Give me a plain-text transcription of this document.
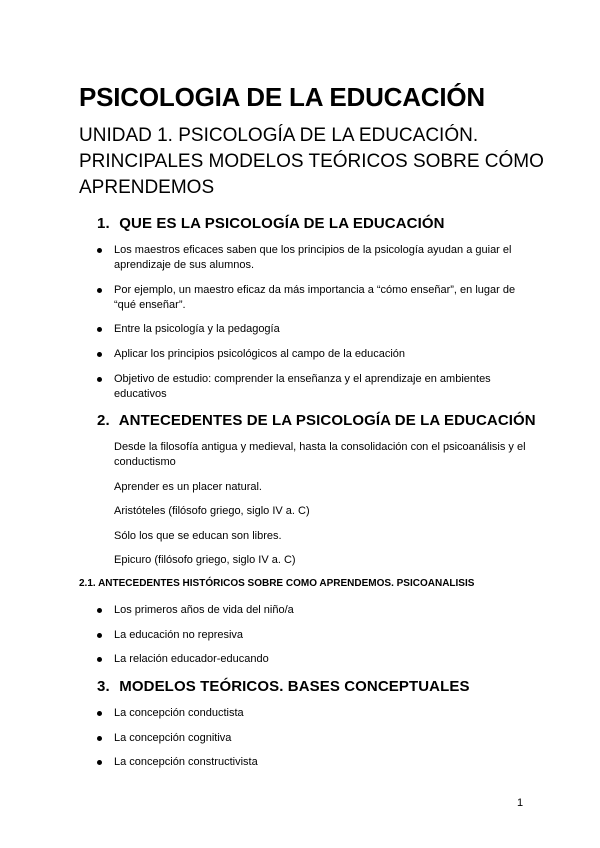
PSICOLOGIA DE LA EDUCACIÓN
UNIDAD 1. PSICOLOGÍA DE LA EDUCACIÓN.
PRINCIPALES MODELOS TEÓRICOS SOBRE CÓMO
APRENDEMOS
1. QUE ES LA PSICOLOGÍA DE LA EDUCACIÓN
Los maestros eficaces saben que los principios de la psicología ayudan a guiar el aprendizaje de sus alumnos.
Por ejemplo, un maestro eficaz da más importancia a “cómo enseñar”, en lugar de “qué enseñar”.
Entre la psicología y la pedagogía
Aplicar los principios psicológicos al campo de la educación
Objetivo de estudio: comprender la enseñanza y el aprendizaje en ambientes educativos
2. ANTECEDENTES DE LA PSICOLOGÍA DE LA EDUCACIÓN
Desde la filosofía antigua y medieval, hasta la consolidación con el psicoanálisis y el conductismo
Aprender es un placer natural.
Aristóteles (filósofo griego, siglo IV a. C)
Sólo los que se educan son libres.
Epicuro (filósofo griego, siglo IV a. C)
2.1. ANTECEDENTES HISTÓRICOS SOBRE COMO APRENDEMOS. PSICOANALISIS
Los primeros años de vida del niño/a
La educación no represiva
La relación educador-educando
3. MODELOS TEÓRICOS. BASES CONCEPTUALES
La concepción conductista
La concepción cognitiva
La concepción constructivista
1
